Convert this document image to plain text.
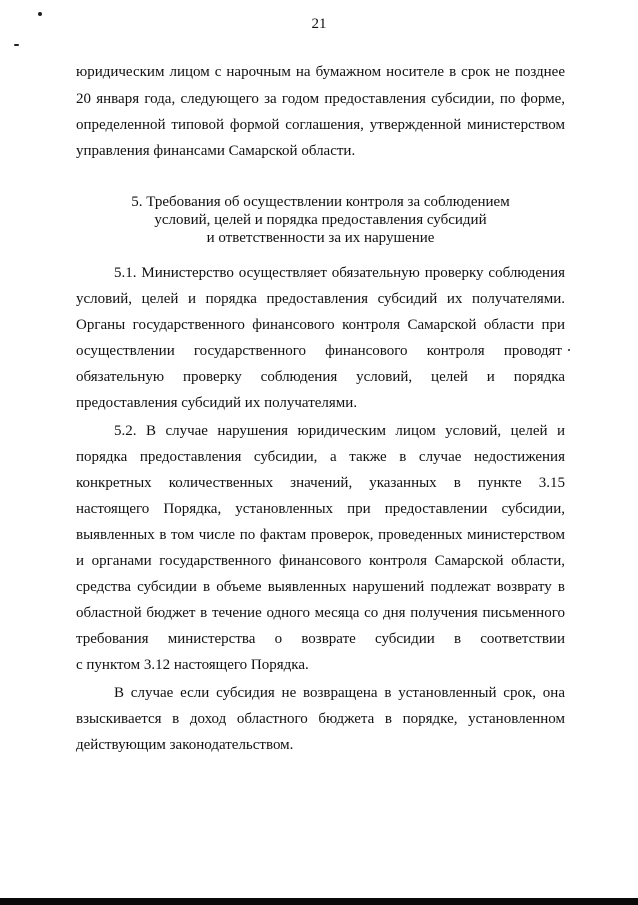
21
юридическим лицом с нарочным на бумажном носителе в срок не позднее
20 января года, следующего за годом предоставления субсидии, по форме,
определенной типовой формой соглашения, утвержденной министерством
управления финансами Самарской области.
5. Требования об осуществлении контроля за соблюдением
условий, целей и порядка предоставления субсидий
и ответственности за их нарушение
5.1. Министерство осуществляет обязательную проверку соблюдения
условий, целей и порядка предоставления субсидий их получателями.
Органы государственного финансового контроля Самарской области при
осуществлении государственного финансового контроля проводят
обязательную проверку соблюдения условий, целей и порядка
предоставления субсидий их получателями.
5.2. В случае нарушения юридическим лицом условий, целей и
порядка предоставления субсидии, а также в случае недостижения
конкретных количественных значений, указанных в пункте 3.15
настоящего Порядка, установленных при предоставлении субсидии,
выявленных в том числе по фактам проверок, проведенных министерством
и органами государственного финансового контроля Самарской области,
средства субсидии в объеме выявленных нарушений подлежат возврату в
областной бюджет в течение одного месяца со дня получения письменного
требования министерства о возврате субсидии в соответствии
с пунктом 3.12 настоящего Порядка.
В случае если субсидия не возвращена в установленный срок, она
взыскивается в доход областного бюджета в порядке, установленном
действующим законодательством.
